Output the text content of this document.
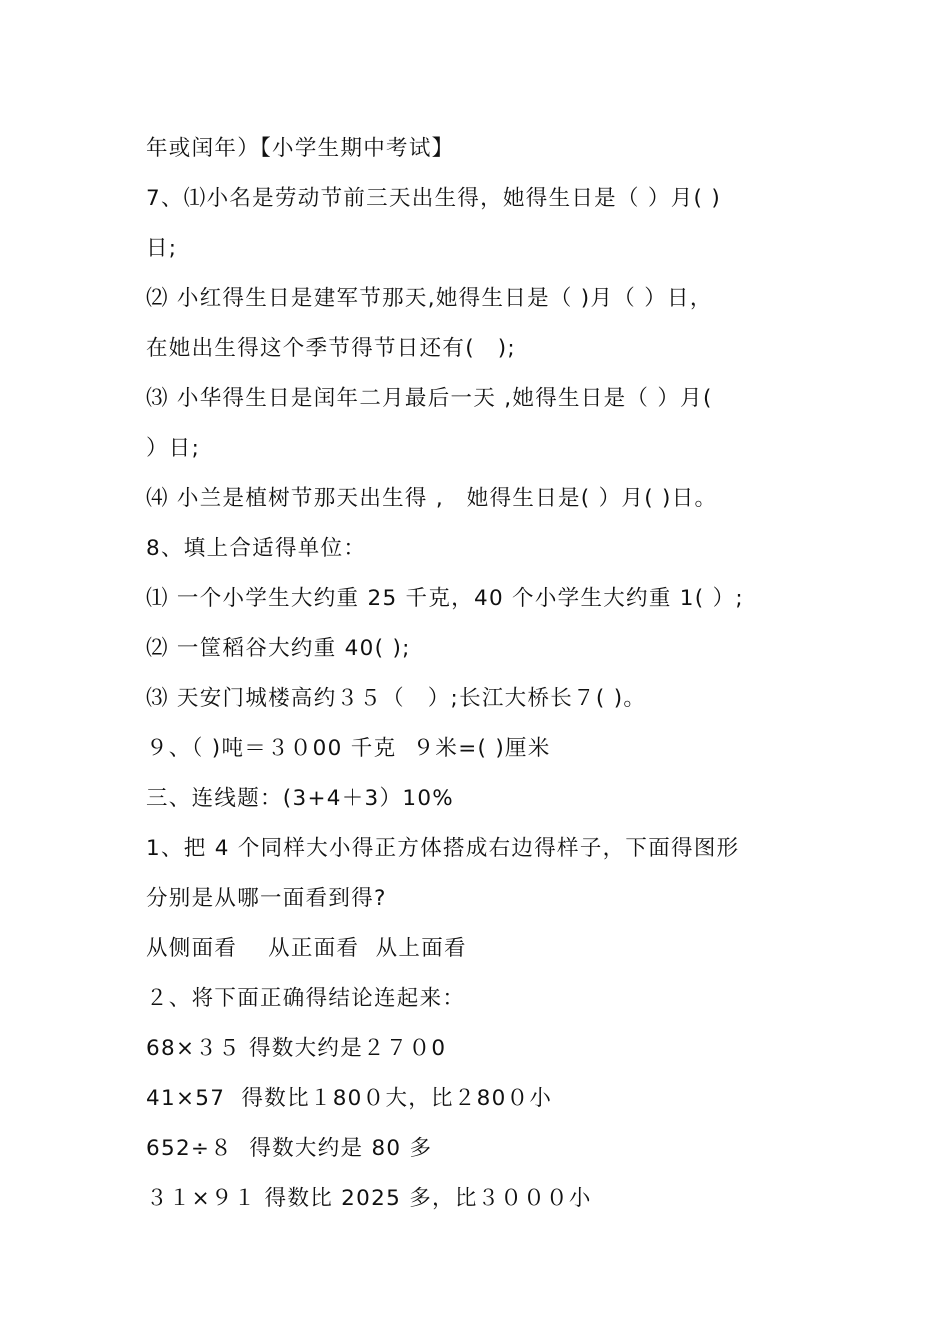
年或闰年）【小学生期中考试】
7、⑴小名是劳动节前三天出生得，她得生日是（ ）月( )
日;
⑵ 小红得生日是建军节那天,她得生日是（ )月（ ）日，
在她出生得这个季节得节日还有(　);
⑶ 小华得生日是闰年二月最后一天 ,她得生日是（ ）月(
）日;
⑷ 小兰是植树节那天出生得 ,　她得生日是( ）月( )日。
8、填上合适得单位：
⑴ 一个小学生大约重 25 千克，40 个小学生大约重 1( ）;
⑵ 一筐稻谷大约重 40( );
⑶ 天安门城楼高约３５（　）;长江大桥长７( )。
９、（ )吨＝３０00 千克  ９米=( )厘米
三、连线题：(3+4＋3）10%
1、把 4 个同样大小得正方体搭成右边得样子，下面得图形
分别是从哪一面看到得?
从侧面看　 从正面看  从上面看
２、将下面正确得结论连起来：
68×３５ 得数大约是２７０0
41×57  得数比１80０大，比２80０小
652÷８  得数大约是 80 多
３１×９１ 得数比 2025 多，比３０００小
